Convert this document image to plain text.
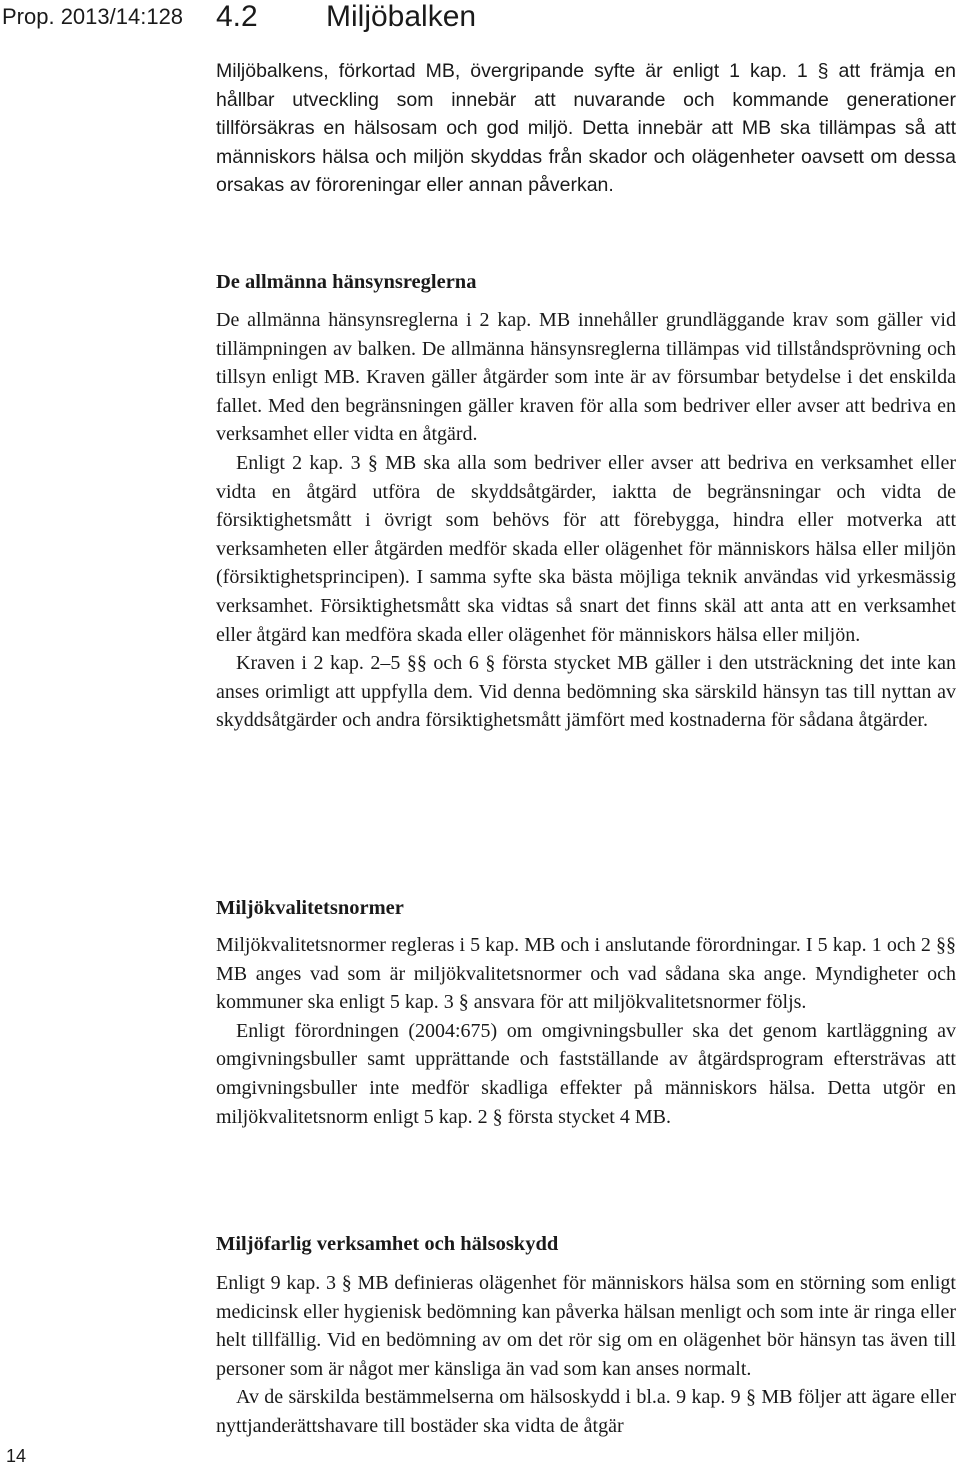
Prop. 2013/14:128 4.2 Miljöbalken

Miljöbalkens, förkortad MB, övergripande syfte är enligt 1 kap. 1 § att främja en hållbar utveckling som innebär att nuvarande och kommande generationer tillförsäkras en hälsosam och god miljö. Detta innebär att MB ska tillämpas så att människors hälsa och miljön skyddas från skador och olägenheter oavsett om dessa orsakas av föroreningar eller annan påverkan.

De allmänna hänsynsreglerna

De allmänna hänsynsreglerna i 2 kap. MB innehåller grundläggande krav som gäller vid tillämpningen av balken. De allmänna hänsynsreglerna tillämpas vid tillståndsprövning och tillsyn enligt MB. Kraven gäller åtgärder som inte är av försumbar betydelse i det enskilda fallet. Med den begränsningen gäller kraven för alla som bedriver eller avser att bedriva en verksamhet eller vidta en åtgärd.

Enligt 2 kap. 3 § MB ska alla som bedriver eller avser att bedriva en verksamhet eller vidta en åtgärd utföra de skyddsåtgärder, iaktta de begränsningar och vidta de försiktighetsmått i övrigt som behövs för att förebygga, hindra eller motverka att verksamheten eller åtgärden medför skada eller olägenhet för människors hälsa eller miljön (försiktighetsprincipen). I samma syfte ska bästa möjliga teknik användas vid yrkesmässig verksamhet. Försiktighetsmått ska vidtas så snart det finns skäl att anta att en verksamhet eller åtgärd kan medföra skada eller olägenhet för människors hälsa eller miljön.

Kraven i 2 kap. 2–5 §§ och 6 § första stycket MB gäller i den utsträckning det inte kan anses orimligt att uppfylla dem. Vid denna bedömning ska särskild hänsyn tas till nyttan av skyddsåtgärder och andra försiktighetsmått jämfört med kostnaderna för sådana åtgärder.

Miljökvalitetsnormer

Miljökvalitetsnormer regleras i 5 kap. MB och i anslutande förordningar. I 5 kap. 1 och 2 §§ MB anges vad som är miljökvalitetsnormer och vad sådana ska ange. Myndigheter och kommuner ska enligt 5 kap. 3 § ansvara för att miljökvalitetsnormer följs.

Enligt förordningen (2004:675) om omgivningsbuller ska det genom kartläggning av omgivningsbuller samt upprättande och fastställande av åtgärdsprogram eftersträvas att omgivningsbuller inte medför skadliga effekter på människors hälsa. Detta utgör en miljökvalitetsnorm enligt 5 kap. 2 § första stycket 4 MB.

Miljöfarlig verksamhet och hälsoskydd

Enligt 9 kap. 3 § MB definieras olägenhet för människors hälsa som en störning som enligt medicinsk eller hygienisk bedömning kan påverka hälsan menligt och som inte är ringa eller helt tillfällig. Vid en bedömning av om det rör sig om en olägenhet bör hänsyn tas även till personer som är något mer känsliga än vad som kan anses normalt.

Av de särskilda bestämmelserna om hälsoskydd i bl.a. 9 kap. 9 § MB följer att ägare eller nyttjanderättshavare till bostäder ska vidta de åtgär

14
